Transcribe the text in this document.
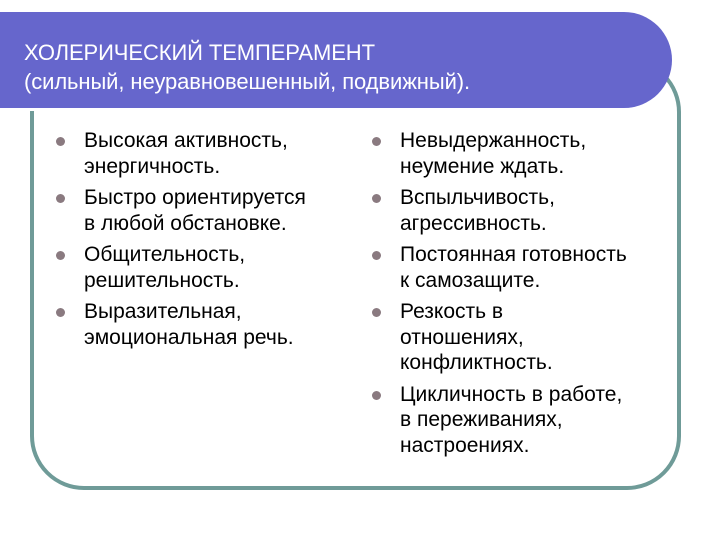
ХОЛЕРИЧЕСКИЙ ТЕМПЕРАМЕНТ
(сильный, неуравновешенный, подвижный).
Высокая активность,
энергичность.
Быстро ориентируется
в любой обстановке.
Общительность,
решительность.
Выразительная,
эмоциональная речь.
Невыдержанность,
неумение ждать.
Вспыльчивость,
агрессивность.
Постоянная готовность
к самозащите.
Резкость в
отношениях,
конфликтность.
Цикличность в работе,
в переживаниях,
настроениях.
